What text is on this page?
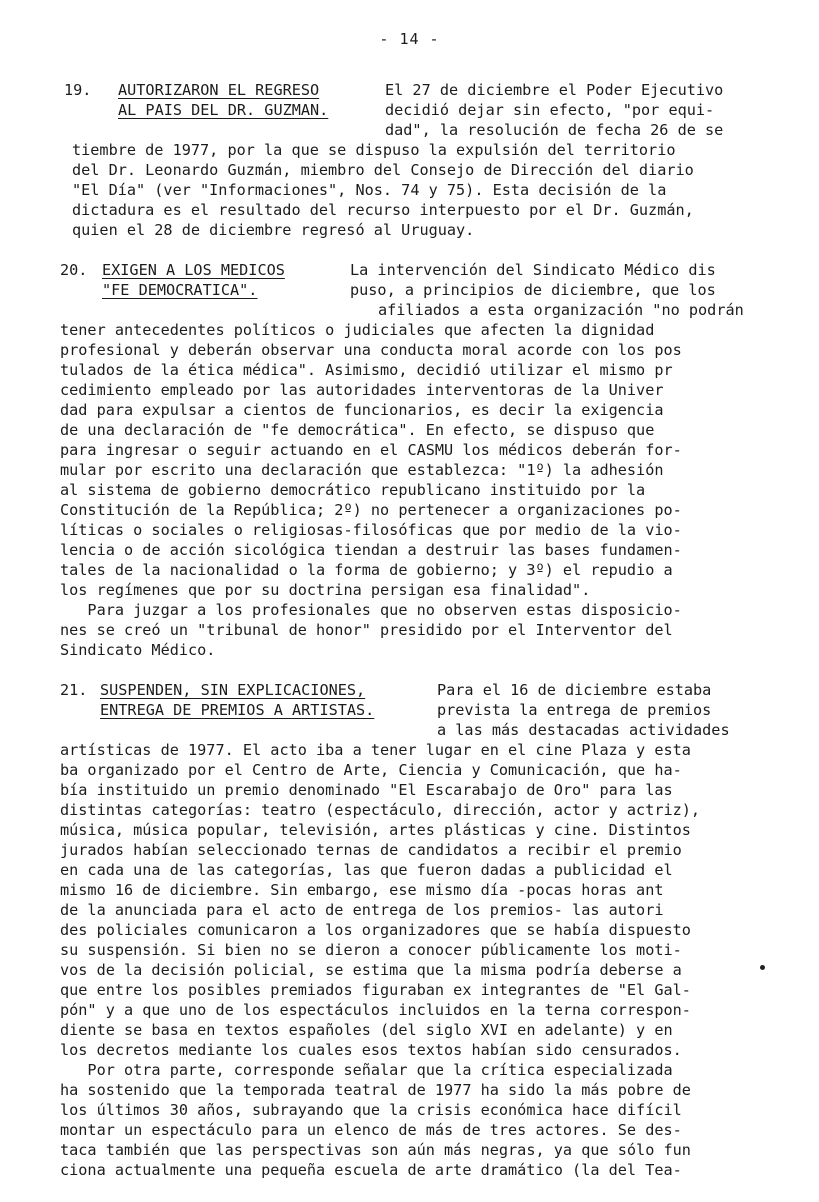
- 14 -
19. AUTORIZARON EL REGRESO
AL PAIS DEL DR. GUZMAN.
El 27 de diciembre el Poder Ejecutivo
decidió dejar sin efecto, "por equi-
dad", la resolución de fecha 26 de se
tiembre de 1977, por la que se dispuso la expulsión del territorio
del Dr. Leonardo Guzmán, miembro del Consejo de Dirección del diario
"El Día" (ver "Informaciones", Nos. 74 y 75). Esta decisión de la
dictadura es el resultado del recurso interpuesto por el Dr. Guzmán,
quien el 28 de diciembre regresó al Uruguay.
20. EXIGEN A LOS MEDICOS
"FE DEMOCRATICA".
La intervención del Sindicato Médico dis
puso, a principios de diciembre, que los
afiliados a esta organización "no podrán
tener antecedentes políticos o judiciales que afecten la dignidad
profesional y deberán observar una conducta moral acorde con los pos
tulados de la ética médica". Asimismo, decidió utilizar el mismo pr
cedimiento empleado por las autoridades interventoras de la Univer
dad para expulsar a cientos de funcionarios, es decir la exigencia
de una declaración de "fe democrática". En efecto, se dispuso que
para ingresar o seguir actuando en el CASMU los médicos deberán for-
mular por escrito una declaración que establezca: "1º) la adhesión
al sistema de gobierno democrático republicano instituido por la
Constitución de la República; 2º) no pertenecer a organizaciones po-
líticas o sociales o religiosas-filosóficas que por medio de la vio-
lencia o de acción sicológica tiendan a destruir las bases fundamen-
tales de la nacionalidad o la forma de gobierno; y 3º) el repudio a
los regímenes que por su doctrina persigan esa finalidad".
Para juzgar a los profesionales que no observen estas disposicio-
nes se creó un "tribunal de honor" presidido por el Interventor del
Sindicato Médico.
21. SUSPENDEN, SIN EXPLICACIONES,
ENTREGA DE PREMIOS A ARTISTAS.
Para el 16 de diciembre estaba
prevista la entrega de premios
a las más destacadas actividades
artísticas de 1977. El acto iba a tener lugar en el cine Plaza y esta
ba organizado por el Centro de Arte, Ciencia y Comunicación, que ha-
bía instituido un premio denominado "El Escarabajo de Oro" para las
distintas categorías: teatro (espectáculo, dirección, actor y actriz),
música, música popular, televisión, artes plásticas y cine. Distintos
jurados habían seleccionado ternas de candidatos a recibir el premio
en cada una de las categorías, las que fueron dadas a publicidad el
mismo 16 de diciembre. Sin embargo, ese mismo día -pocas horas ant
de la anunciada para el acto de entrega de los premios- las autori
des policiales comunicaron a los organizadores que se había dispuesto
su suspensión. Si bien no se dieron a conocer públicamente los moti-
vos de la decisión policial, se estima que la misma podría deberse a
que entre los posibles premiados figuraban ex integrantes de "El Gal-
pón" y a que uno de los espectáculos incluidos en la terna correspon-
diente se basa en textos españoles (del siglo XVI en adelante) y en
los decretos mediante los cuales esos textos habían sido censurados.
Por otra parte, corresponde señalar que la crítica especializada
ha sostenido que la temporada teatral de 1977 ha sido la más pobre de
los últimos 30 años, subrayando que la crisis económica hace difícil
montar un espectáculo para un elenco de más de tres actores. Se des-
taca también que las perspectivas son aún más negras, ya que sólo fun
ciona actualmente una pequeña escuela de arte dramático (la del Tea-
